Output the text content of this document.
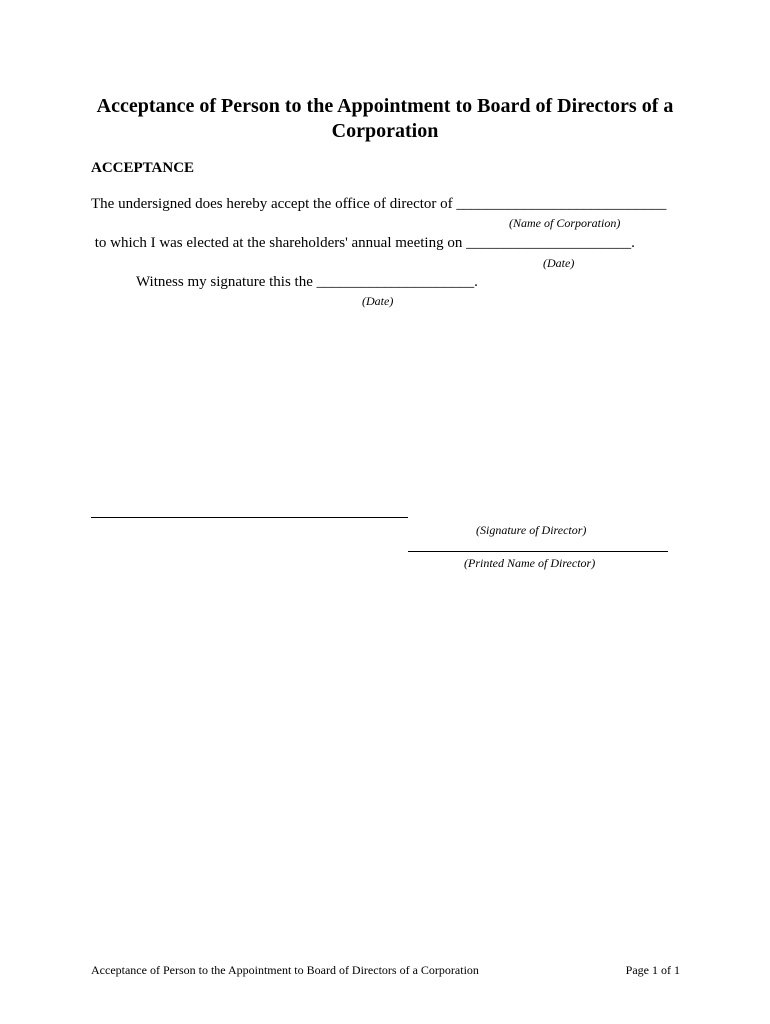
Acceptance of Person to the Appointment to Board of Directors of a Corporation
ACCEPTANCE
The undersigned does hereby accept the office of director of ____________________________
(Name of Corporation)
to which I was elected at the shareholders' annual meeting on ______________________.
(Date)
Witness my signature this the _____________________.
(Date)
(Signature of Director)
(Printed Name of Director)
Acceptance of Person to the Appointment to Board of Directors of a Corporation	Page 1 of 1
